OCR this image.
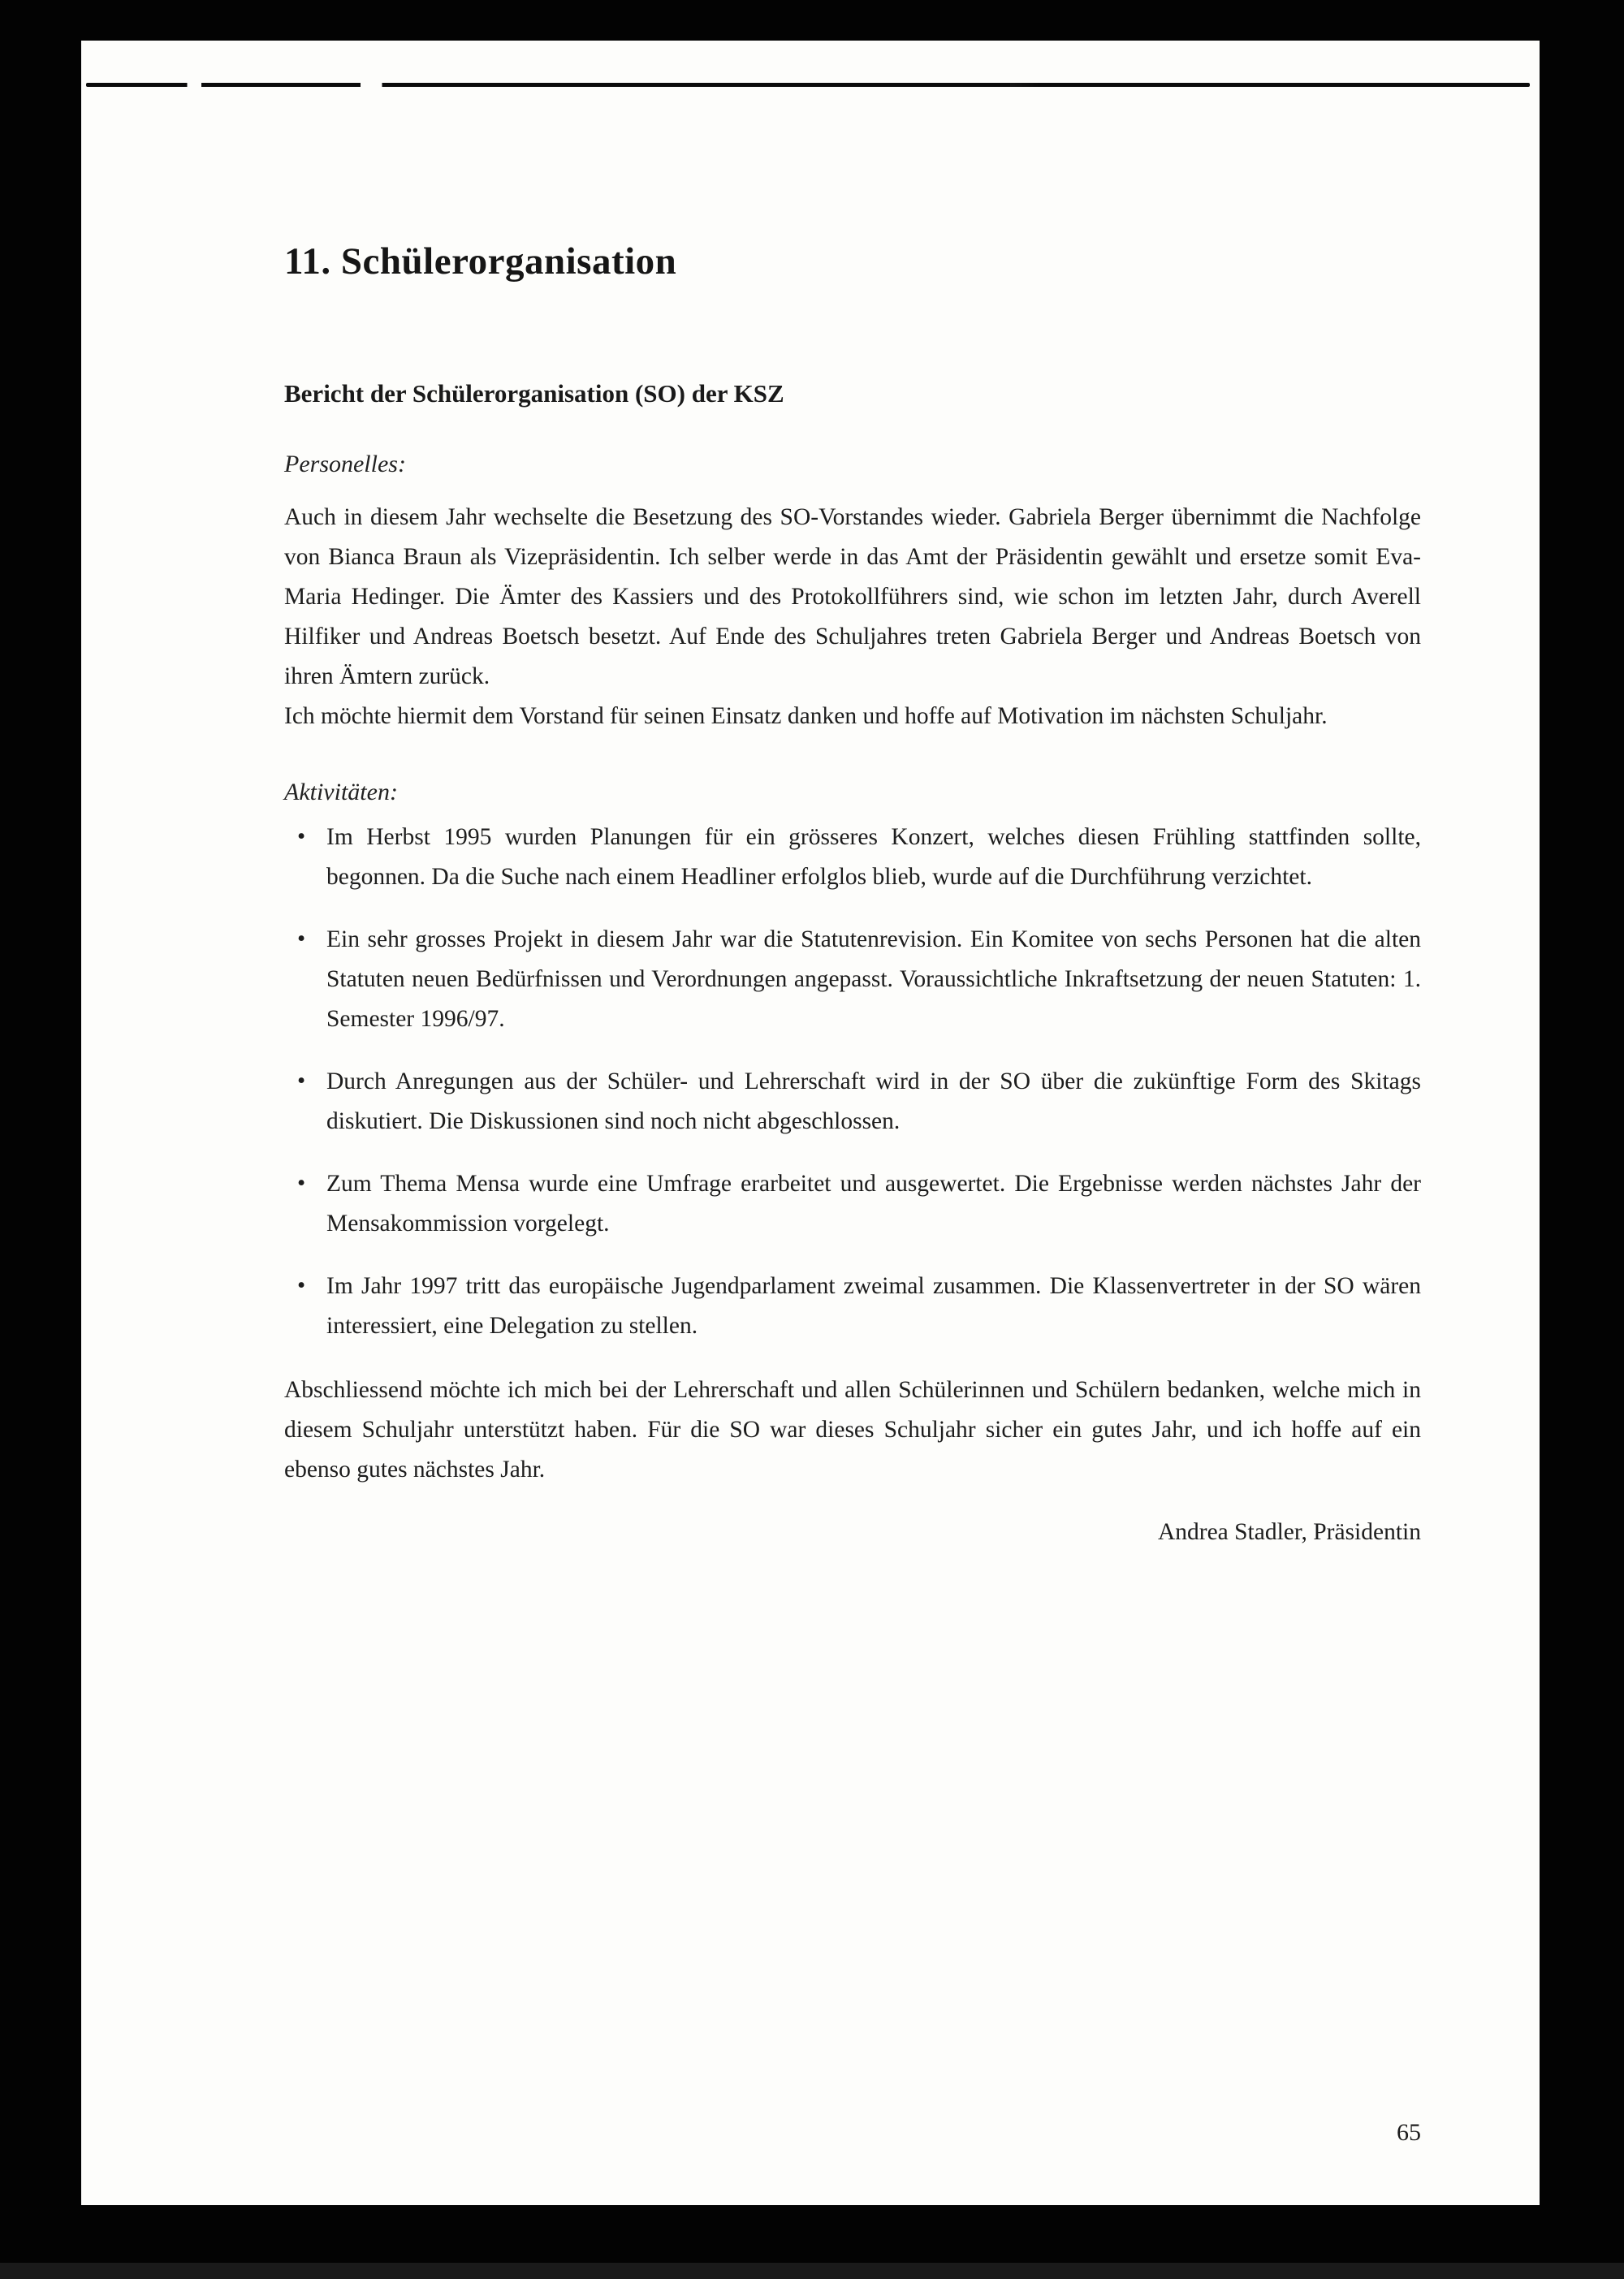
11. Schülerorganisation
Bericht der Schülerorganisation (SO) der KSZ
Personelles:

Auch in diesem Jahr wechselte die Besetzung des SO-Vorstandes wieder. Gabriela Berger übernimmt die Nachfolge von Bianca Braun als Vizepräsidentin. Ich selber werde in das Amt der Präsidentin gewählt und ersetze somit Eva-Maria Hedinger. Die Ämter des Kassiers und des Protokollführers sind, wie schon im letzten Jahr, durch Averell Hilfiker und Andreas Boetsch besetzt. Auf Ende des Schuljahres treten Gabriela Berger und Andreas Boetsch von ihren Ämtern zurück.

Ich möchte hiermit dem Vorstand für seinen Einsatz danken und hoffe auf Motivation im nächsten Schuljahr.

Aktivitäten:
• Im Herbst 1995 wurden Planungen für ein grösseres Konzert, welches diesen Frühling stattfinden sollte, begonnen. Da die Suche nach einem Headliner erfolglos blieb, wurde auf die Durchführung verzichtet.
• Ein sehr grosses Projekt in diesem Jahr war die Statutenrevision. Ein Komitee von sechs Personen hat die alten Statuten neuen Bedürfnissen und Verordnungen angepasst. Voraussichtliche Inkraftsetzung der neuen Statuten: 1. Semester 1996/97.
• Durch Anregungen aus der Schüler- und Lehrerschaft wird in der SO über die zukünftige Form des Skitags diskutiert. Die Diskussionen sind noch nicht abgeschlossen.
• Zum Thema Mensa wurde eine Umfrage erarbeitet und ausgewertet. Die Ergebnisse werden nächstes Jahr der Mensakommission vorgelegt.
• Im Jahr 1997 tritt das europäische Jugendparlament zweimal zusammen. Die Klassenvertreter in der SO wären interessiert, eine Delegation zu stellen.

Abschliessend möchte ich mich bei der Lehrerschaft und allen Schülerinnen und Schülern bedanken, welche mich in diesem Schuljahr unterstützt haben. Für die SO war dieses Schuljahr sicher ein gutes Jahr, und ich hoffe auf ein ebenso gutes nächstes Jahr.

Andrea Stadler, Präsidentin
65
